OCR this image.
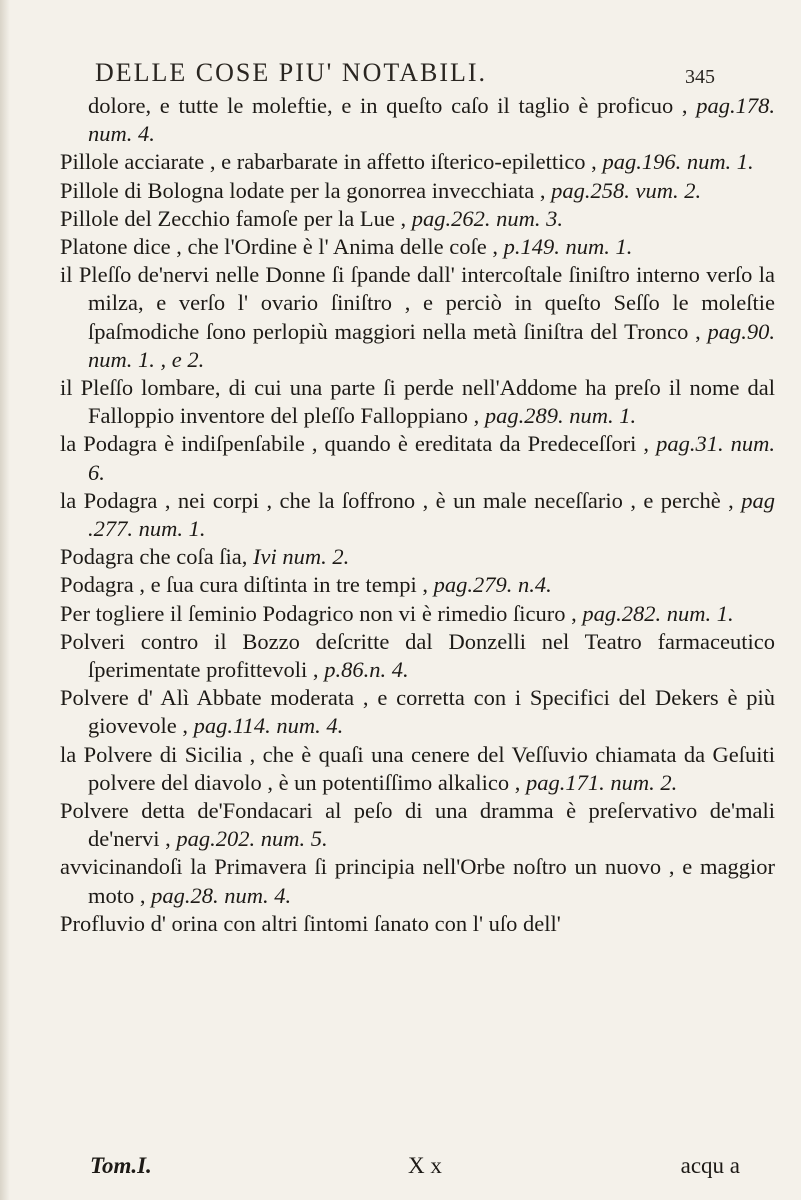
DELLE COSE PIU' NOTABILI.	345

dolore, e tutte le moleftie, e in queſto caſo il taglio è proficuo , pag.178. num. 4.

Pillole acciarate , e rabarbarate in affetto iſterico-epilettico , pag.196. num. 1.

Pillole di Bologna lodate per la gonorrea invecchiata , pag.258. vum. 2.

Pillole del Zecchio famoſe per la Lue , pag.262. num. 3.

Platone dice , che l'Ordine è l' Anima delle coſe , p.149. num. 1.

il Pleſſo de'nervi nelle Donne ſi ſpande dall' intercoſtale ſiniſtro interno verſo la milza, e verſo l' ovario ſiniſtro , e perciò in queſto Seſſo le moleſtie ſpaſmodiche ſono perlopiù maggiori nella metà ſiniſtra del Tronco , pag.90. num. 1. , e 2.

il Pleſſo lombare, di cui una parte ſi perde nell'Addome ha preſo il nome dal Falloppio inventore del pleſſo Falloppiano , pag.289. num. 1.

la Podagra è indiſpenſabile , quando è ereditata da Predeceſſori , pag.31. num. 6.

la Podagra , nei corpi , che la ſoffrono , è un male neceſſario , e perchè , pag .277. num. 1.

Podagra che coſa ſia, Ivi num. 2.

Podagra , e ſua cura diſtinta in tre tempi , pag.279. n.4.

Per togliere il ſeminio Podagrico non vi è rimedio ſicuro , pag.282. num. 1.

Polveri contro il Bozzo deſcritte dal Donzelli nel Teatro farmaceutico ſperimentate profittevoli , p.86.n. 4.

Polvere d' Alì Abbate moderata , e corretta con i Specifici del Dekers è più giovevole , pag.114. num. 4.

la Polvere di Sicilia , che è quaſi una cenere del Veſſuvio chiamata da Geſuiti polvere del diavolo , è un potentiſſimo alkalico , pag.171. num. 2.

Polvere detta de'Fondacari al peſo di una dramma è preſervativo de'mali de'nervi , pag.202. num. 5.

avvicinandoſi la Primavera ſi principia nell'Orbe noſtro un nuovo , e maggior moto , pag.28. num. 4.

Profluvio d' orina con altri ſintomi ſanato con l' uſo dell'

Tom.I.	X x	acqu a
